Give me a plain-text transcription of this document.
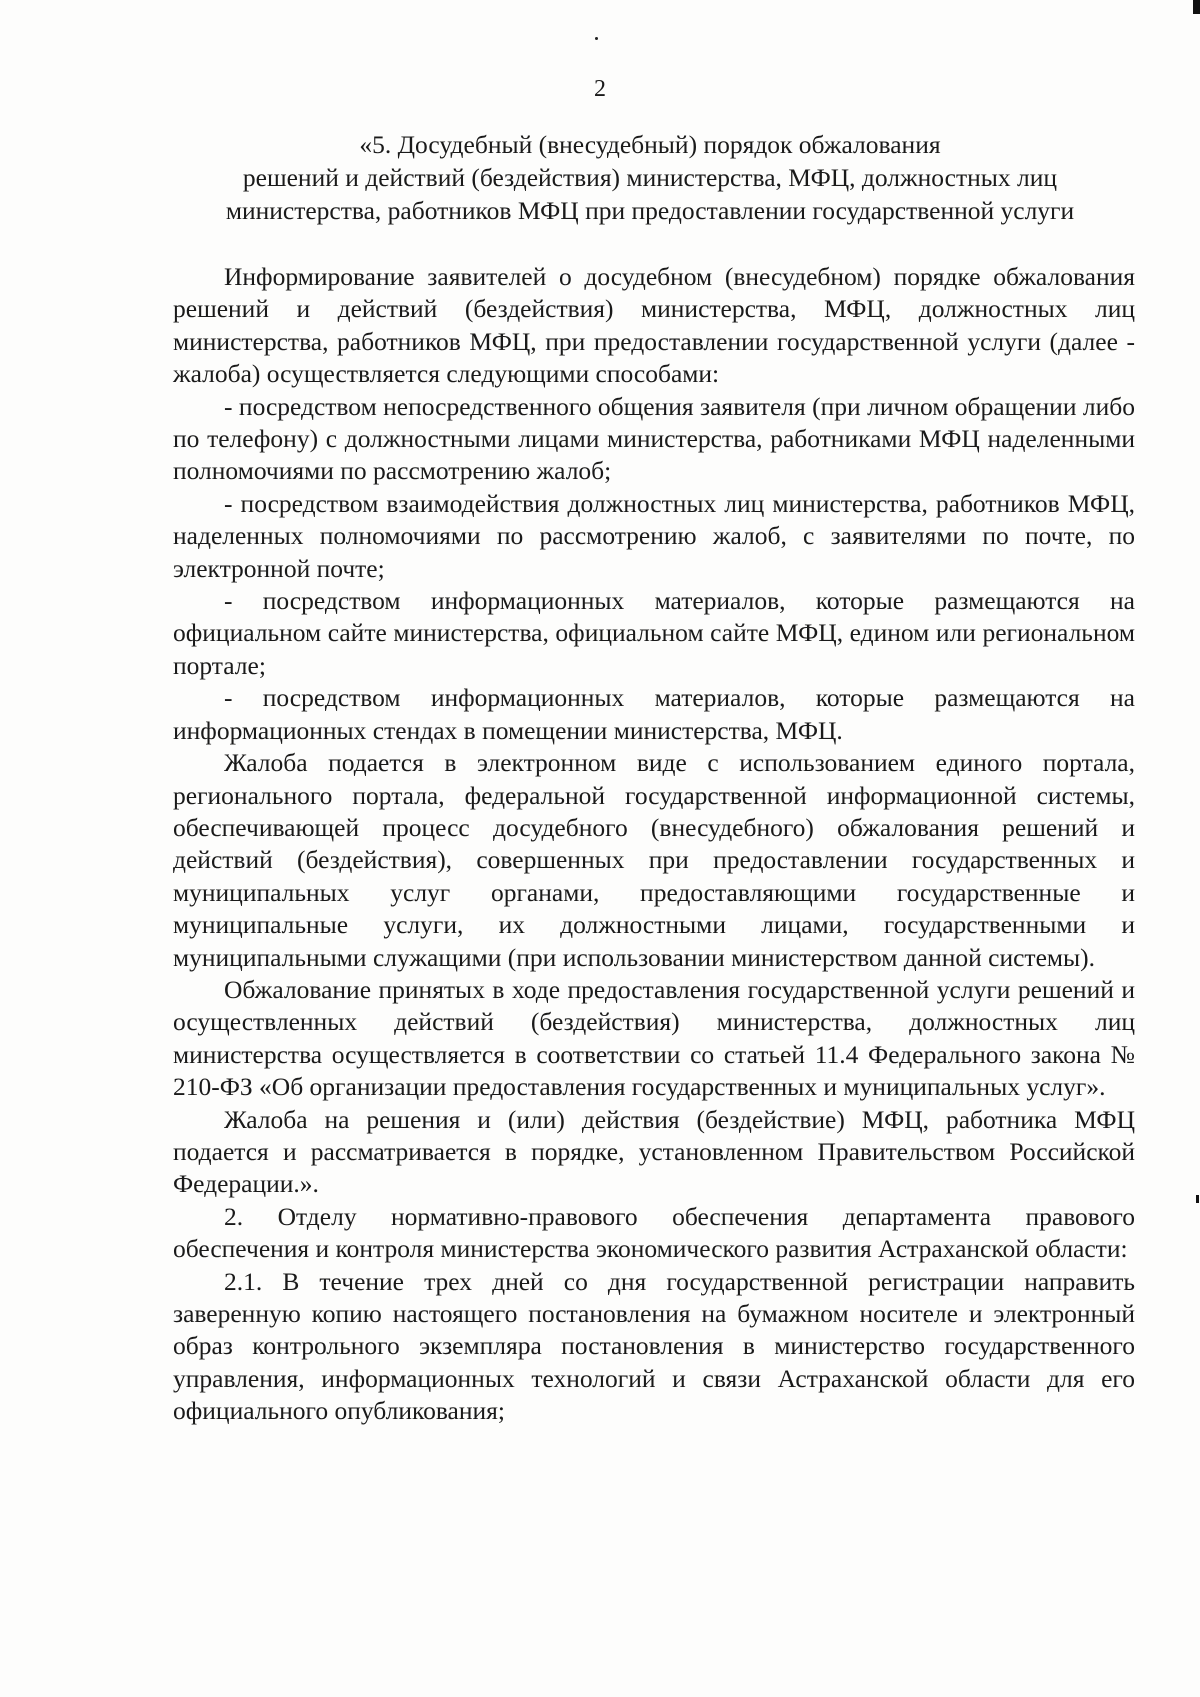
2
«5. Досудебный (внесудебный) порядок обжалования
решений и действий (бездействия) министерства, МФЦ, должностных лиц
министерства, работников МФЦ при предоставлении государственной услуги

Информирование заявителей о досудебном (внесудебном) порядке обжалования решений и действий (бездействия) министерства, МФЦ, должностных лиц министерства, работников МФЦ, при предоставлении государственной услуги (далее - жалоба) осуществляется следующими способами:

- посредством непосредственного общения заявителя (при личном обращении либо по телефону) с должностными лицами министерства, работниками МФЦ наделенными полномочиями по рассмотрению жалоб;

- посредством взаимодействия должностных лиц министерства, работников МФЦ, наделенных полномочиями по рассмотрению жалоб, с заявителями по почте, по электронной почте;

- посредством информационных материалов, которые размещаются на официальном сайте министерства, официальном сайте МФЦ, едином или региональном портале;

- посредством информационных материалов, которые размещаются на информационных стендах в помещении министерства, МФЦ.

Жалоба подается в электронном виде с использованием единого портала, регионального портала, федеральной государственной информационной системы, обеспечивающей процесс досудебного (внесудебного) обжалования решений и действий (бездействия), совершенных при предоставлении государственных и муниципальных услуг органами, предоставляющими государственные и муниципальные услуги, их должностными лицами, государственными и муниципальными служащими (при использовании министерством данной системы).

Обжалование принятых в ходе предоставления государственной услуги решений и осуществленных действий (бездействия) министерства, должностных лиц министерства осуществляется в соответствии со статьей 11.4 Федерального закона № 210-ФЗ «Об организации предоставления государственных и муниципальных услуг».

Жалоба на решения и (или) действия (бездействие) МФЦ, работника МФЦ подается и рассматривается в порядке, установленном Правительством Российской Федерации.».

2. Отделу нормативно-правового обеспечения департамента правового обеспечения и контроля министерства экономического развития Астраханской области:

2.1. В течение трех дней со дня государственной регистрации направить заверенную копию настоящего постановления на бумажном носителе и электронный образ контрольного экземпляра постановления в министерство государственного управления, информационных технологий и связи Астраханской области для его официального опубликования;
